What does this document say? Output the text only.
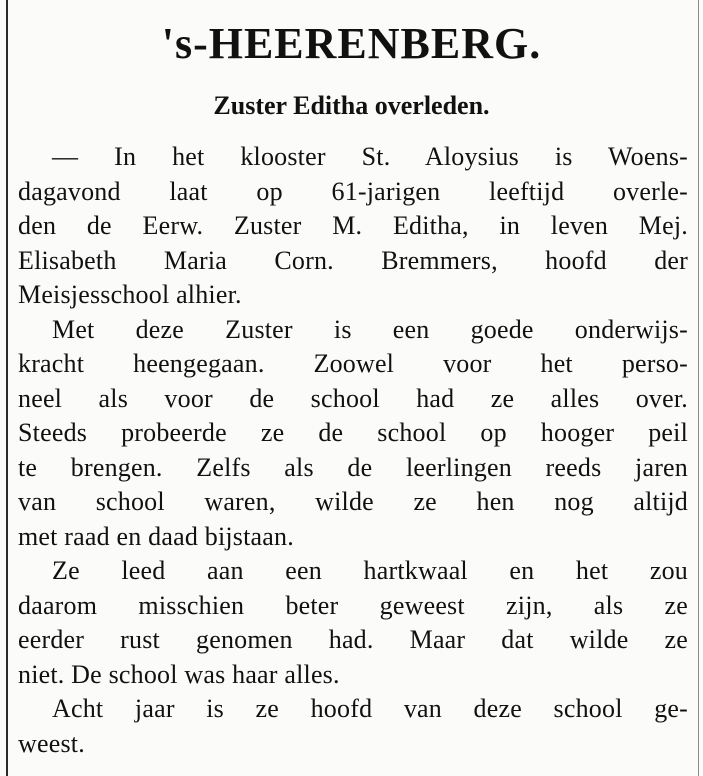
's-HEERENBERG.
Zuster Editha overleden.
— In het klooster St. Aloysius is Woens-
dagavond laat op 61-jarigen leeftijd overle-
den de Eerw. Zuster M. Editha, in leven Mej.
Elisabeth Maria Corn. Bremmers, hoofd der
Meisjesschool alhier.
Met deze Zuster is een goede onderwijs-
kracht heengegaan. Zoowel voor het perso-
neel als voor de school had ze alles over.
Steeds probeerde ze de school op hooger peil
te brengen. Zelfs als de leerlingen reeds jaren
van school waren, wilde ze hen nog altijd
met raad en daad bijstaan.
Ze leed aan een hartkwaal en het zou
daarom misschien beter geweest zijn, als ze
eerder rust genomen had. Maar dat wilde ze
niet. De school was haar alles.
Acht jaar is ze hoofd van deze school ge-
weest.
